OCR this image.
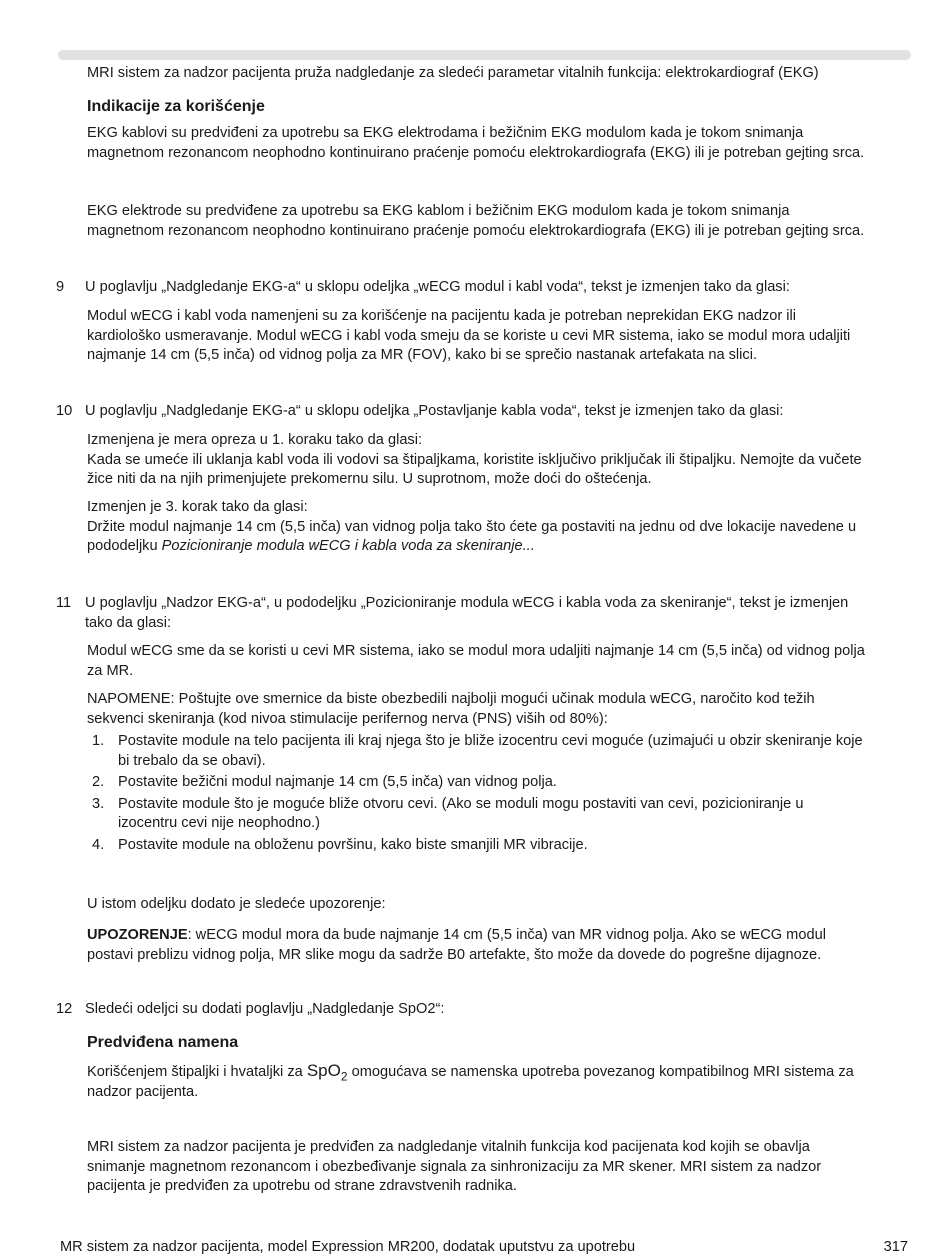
MRI sistem za nadzor pacijenta pruža nadgledanje za sledeći parametar vitalnih funkcija: elektrokardiograf (EKG)

Indikacije za korišćenje

EKG kablovi su predviđeni za upotrebu sa EKG elektrodama i bežičnim EKG modulom kada je tokom snimanja

magnetnom rezonancom neophodno kontinuirano praćenje pomoću elektrokardiografa (EKG) ili je potreban gejting srca.

EKG elektrode su predviđene za upotrebu sa EKG kablom i bežičnim EKG modulom kada je tokom snimanja

magnetnom rezonancom neophodno kontinuirano praćenje pomoću elektrokardiografa (EKG) ili je potreban gejting srca.

9 U poglavlju „Nadgledanje EKG-a“ u sklopu odeljka „wECG modul i kabl voda“, tekst je izmenjen tako da glasi:

Modul wECG i kabl voda namenjeni su za korišćenje na pacijentu kada je potreban neprekidan EKG nadzor ili

kardiološko usmeravanje. Modul wECG i kabl voda smeju da se koriste u cevi MR sistema, iako se modul mora udaljiti

najmanje 14 cm (5,5 inča) od vidnog polja za MR (FOV), kako bi se sprečio nastanak artefakata na slici.

10 U poglavlju „Nadgledanje EKG-a“ u sklopu odeljka „Postavljanje kabla voda“, tekst je izmenjen tako da glasi:

Izmenjena je mera opreza u 1. koraku tako da glasi:

Kada se umeće ili uklanja kabl voda ili vodovi sa štipaljkama, koristite isključivo priključak ili štipaljku. Nemojte da vučete

žice niti da na njih primenjujete prekomernu silu. U suprotnom, može doći do oštećenja.

Izmenjen je 3. korak tako da glasi:

Držite modul najmanje 14 cm (5,5 inča) van vidnog polja tako što ćete ga postaviti na jednu od dve lokacije navedene u

pododeljku Pozicioniranje modula wECG i kabla voda za skeniranje...

11 U poglavlju „Nadzor EKG-a“, u pododeljku „Pozicioniranje modula wECG i kabla voda za skeniranje“, tekst je izmenjen
tako da glasi:

Modul wECG sme da se koristi u cevi MR sistema, iako se modul mora udaljiti najmanje 14 cm (5,5 inča) od vidnog polja

za MR.

NAPOMENE: Poštujte ove smernice da biste obezbedili najbolji mogući učinak modula wECG, naročito kod težih

sekvenci skeniranja (kod nivoa stimulacije perifernog nerva (PNS) viših od 80%):

1. Postavite module na telo pacijenta ili kraj njega što je bliže izocentru cevi moguće (uzimajući u obzir skeniranje koje
bi trebalo da se obavi).
2. Postavite bežični modul najmanje 14 cm (5,5 inča) van vidnog polja.
3. Postavite module što je moguće bliže otvoru cevi. (Ako se moduli mogu postaviti van cevi, pozicioniranje u
izocentru cevi nije neophodno.)
4. Postavite module na obloženu površinu, kako biste smanjili MR vibracije.
U istom odeljku dodato je sledeće upozorenje:

UPOZORENJE: wECG modul mora da bude najmanje 14 cm (5,5 inča) van MR vidnog polja. Ako se wECG modul

postavi preblizu vidnog polja, MR slike mogu da sadrže B0 artefakte, što može da dovede do pogrešne dijagnoze.

12 Sledeći odeljci su dodati poglavlju „Nadgledanje SpO2“:

Predviđena namena

Korišćenjem štipaljki i hvataljki za SpO$_2$ omogućava se namenska upotreba povezanog kompatibilnog MRI sistema za

nadzor pacijenta.

MRI sistem za nadzor pacijenta je predviđen za nadgledanje vitalnih funkcija kod pacijenata kod kojih se obavlja

snimanje magnetnom rezonancom i obezbeđivanje signala za sinhronizaciju za MR skener. MRI sistem za nadzor

pacijenta je predviđen za upotrebu od strane zdravstvenih radnika.

MR sistem za nadzor pacijenta, model Expression MR200, dodatak uputstvu za upotrebu	317
